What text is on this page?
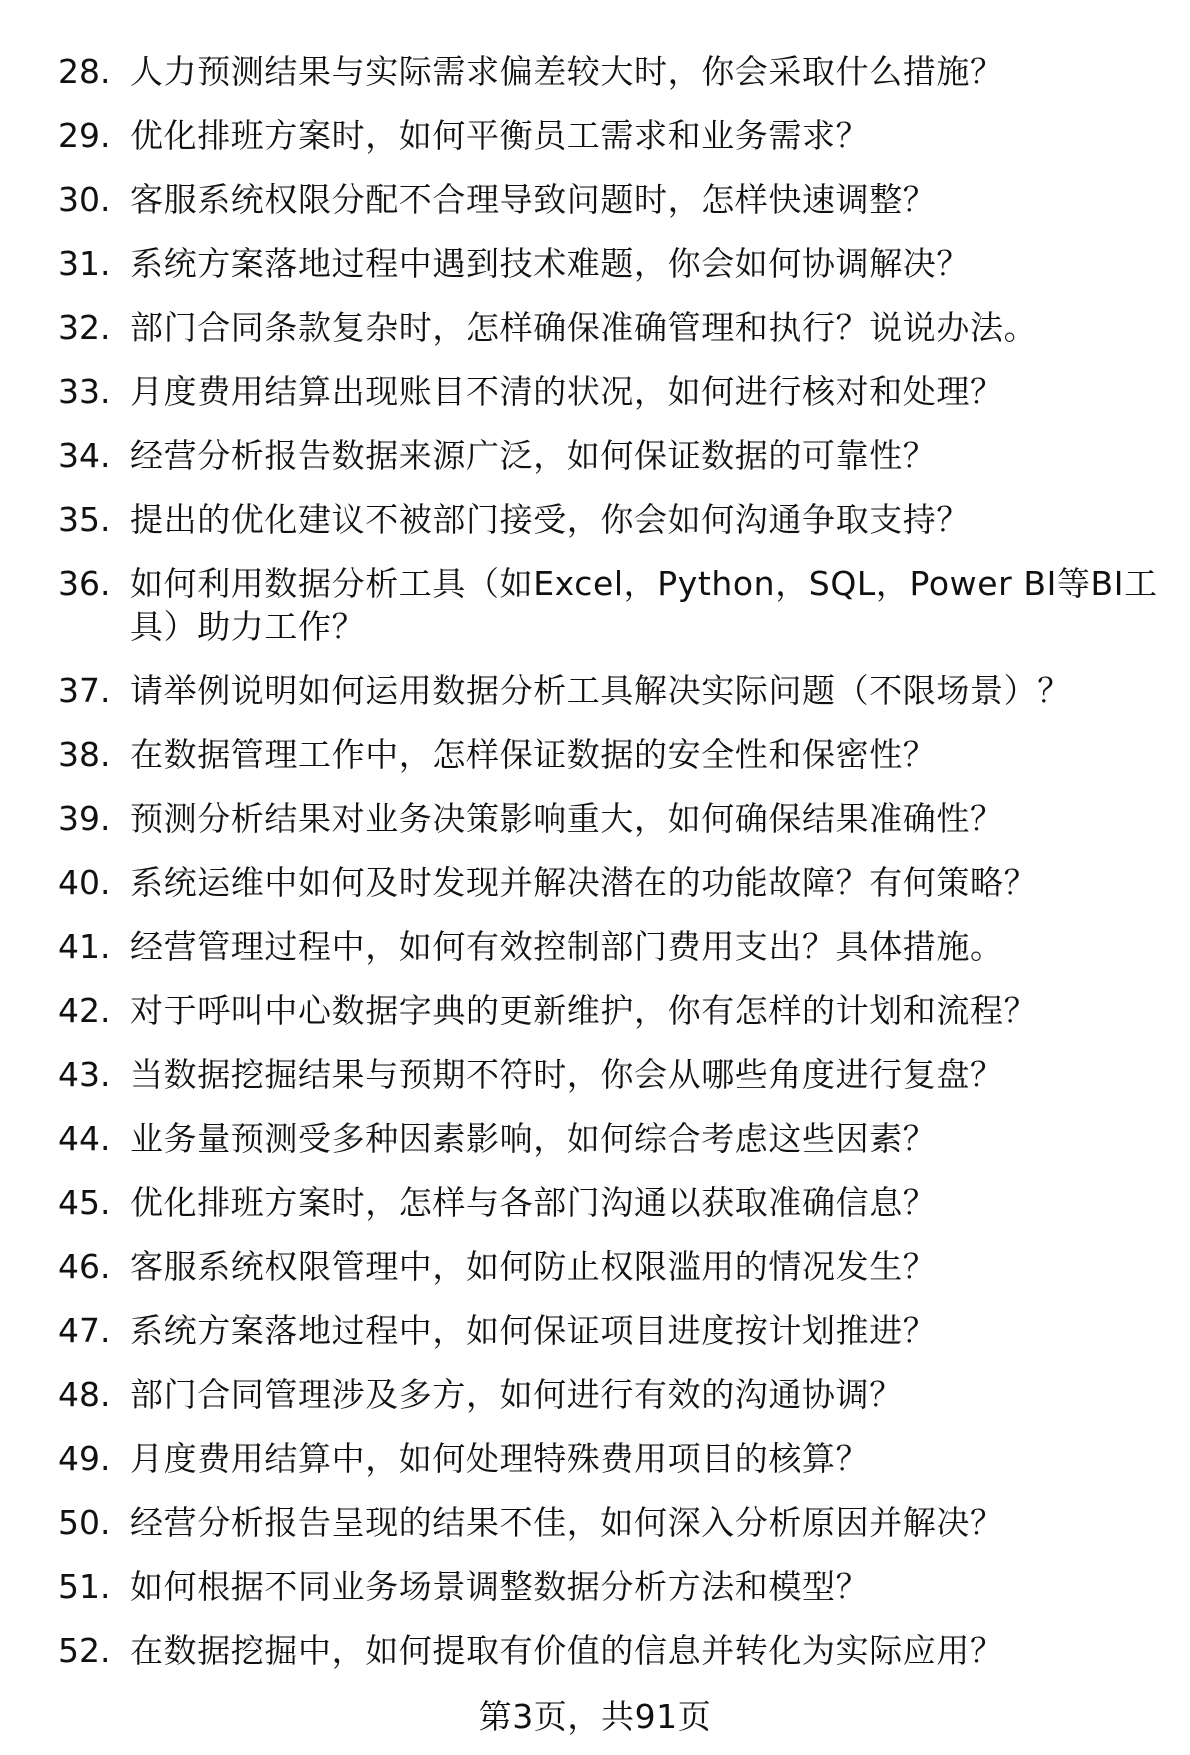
28. 人力预测结果与实际需求偏差较大时，你会采取什么措施？
29. 优化排班方案时，如何平衡员工需求和业务需求？
30. 客服系统权限分配不合理导致问题时，怎样快速调整？
31. 系统方案落地过程中遇到技术难题，你会如何协调解决？
32. 部门合同条款复杂时，怎样确保准确管理和执行？说说办法。
33. 月度费用结算出现账目不清的状况，如何进行核对和处理？
34. 经营分析报告数据来源广泛，如何保证数据的可靠性？
35. 提出的优化建议不被部门接受，你会如何沟通争取支持？
36. 如何利用数据分析工具（如Excel，Python，SQL，Power BI等BI工具）助力工作？
37. 请举例说明如何运用数据分析工具解决实际问题（不限场景）？
38. 在数据管理工作中，怎样保证数据的安全性和保密性？
39. 预测分析结果对业务决策影响重大，如何确保结果准确性？
40. 系统运维中如何及时发现并解决潜在的功能故障？有何策略？
41. 经营管理过程中，如何有效控制部门费用支出？具体措施。
42. 对于呼叫中心数据字典的更新维护，你有怎样的计划和流程？
43. 当数据挖掘结果与预期不符时，你会从哪些角度进行复盘？
44. 业务量预测受多种因素影响，如何综合考虑这些因素？
45. 优化排班方案时，怎样与各部门沟通以获取准确信息？
46. 客服系统权限管理中，如何防止权限滥用的情况发生？
47. 系统方案落地过程中，如何保证项目进度按计划推进？
48. 部门合同管理涉及多方，如何进行有效的沟通协调？
49. 月度费用结算中，如何处理特殊费用项目的核算？
50. 经营分析报告呈现的结果不佳，如何深入分析原因并解决？
51. 如何根据不同业务场景调整数据分析方法和模型？
52. 在数据挖掘中，如何提取有价值的信息并转化为实际应用？
第3页，共91页
